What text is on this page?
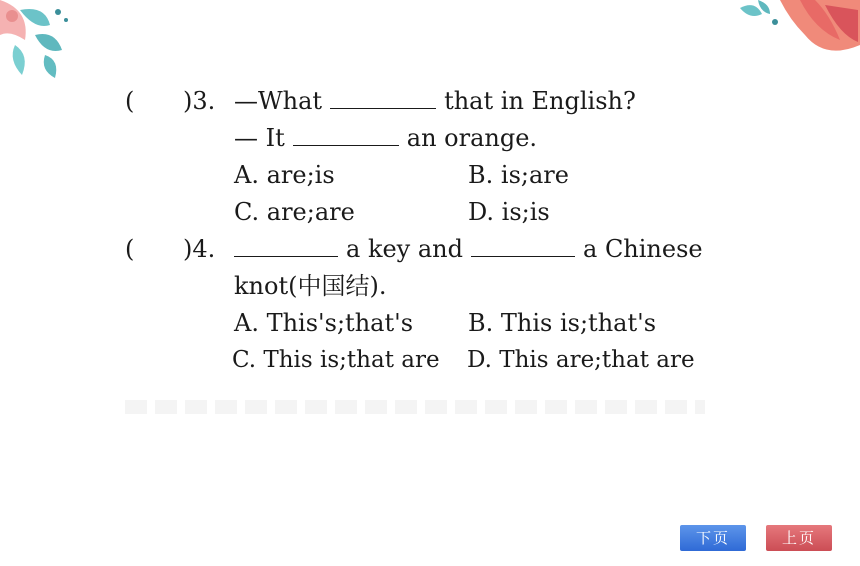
( )3. —What	that in English?
— It	an orange.
A. are;is	B. is;are
C. are;are	D. is;is
( )4.	a key and	a Chinese
knot(中国结).
A. This's;that's B. This is;that's
C. This is;that are D. This are;that are
下页	上页
